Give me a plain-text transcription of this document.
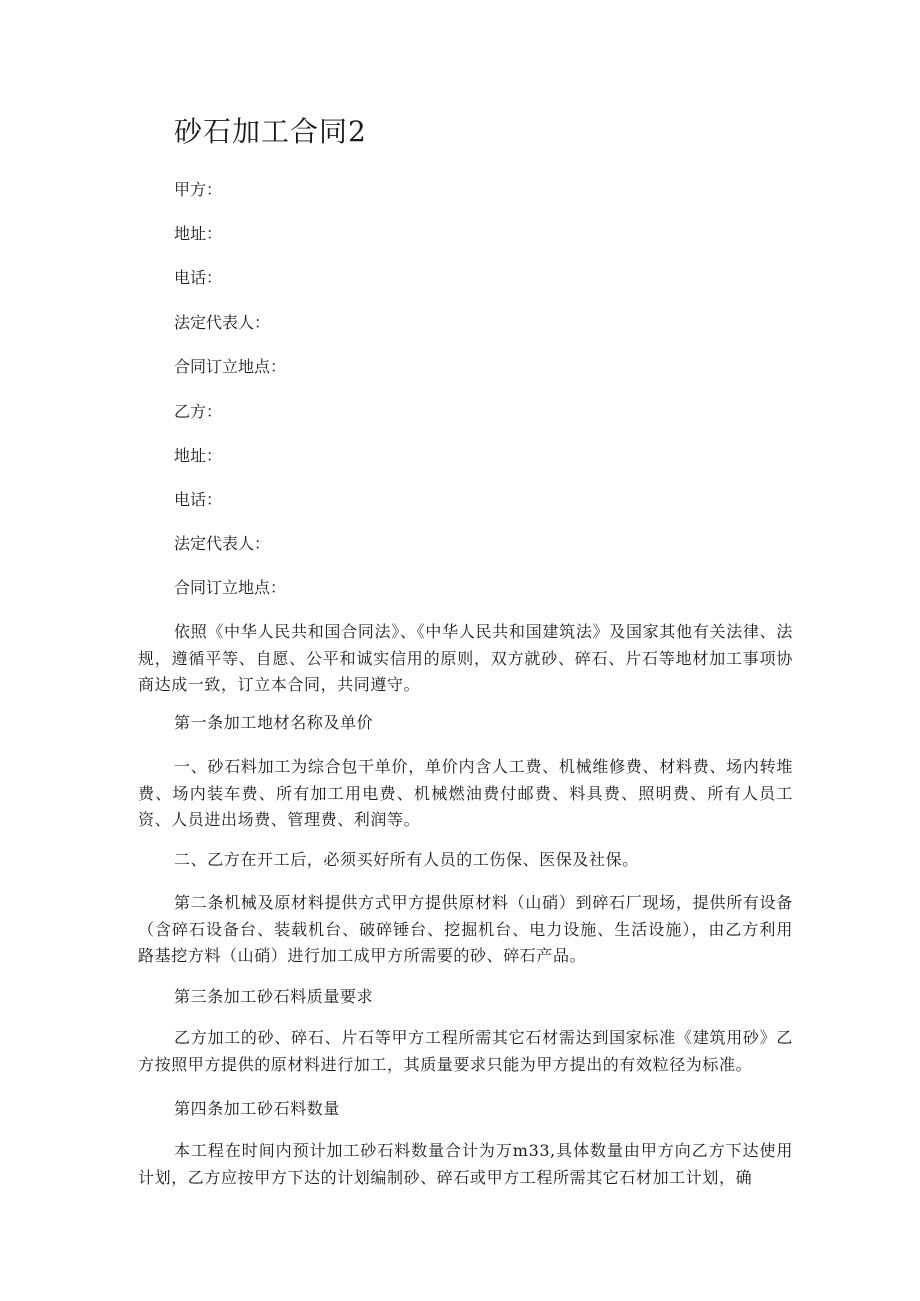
砂石加工合同2
甲方：
地址：
电话：
法定代表人：
合同订立地点：
乙方：
地址：
电话：
法定代表人：
合同订立地点：

依照《中华人民共和国合同法》、《中华人民共和国建筑法》及国家其他有关法律、法规，遵循平等、自愿、公平和诚实信用的原则，双方就砂、碎石、片石等地材加工事项协商达成一致，订立本合同，共同遵守。

第一条加工地材名称及单价

一、砂石料加工为综合包干单价，单价内含人工费、机械维修费、材料费、场内转堆费、场内装车费、所有加工用电费、机械燃油费付邮费、料具费、照明费、所有人员工资、人员进出场费、管理费、利润等。

二、乙方在开工后，必须买好所有人员的工伤保、医保及社保。

第二条机械及原材料提供方式甲方提供原材料（山硝）到碎石厂现场，提供所有设备（含碎石设备台、装载机台、破碎锤台、挖掘机台、电力设施、生活设施），由乙方利用路基挖方料（山硝）进行加工成甲方所需要的砂、碎石产品。

第三条加工砂石料质量要求

乙方加工的砂、碎石、片石等甲方工程所需其它石材需达到国家标准《建筑用砂》乙方按照甲方提供的原材料进行加工，其质量要求只能为甲方提出的有效粒径为标准。

第四条加工砂石料数量

本工程在时间内预计加工砂石料数量合计为万m33,具体数量由甲方向乙方下达使用计划，乙方应按甲方下达的计划编制砂、碎石或甲方工程所需其它石材加工计划，确
